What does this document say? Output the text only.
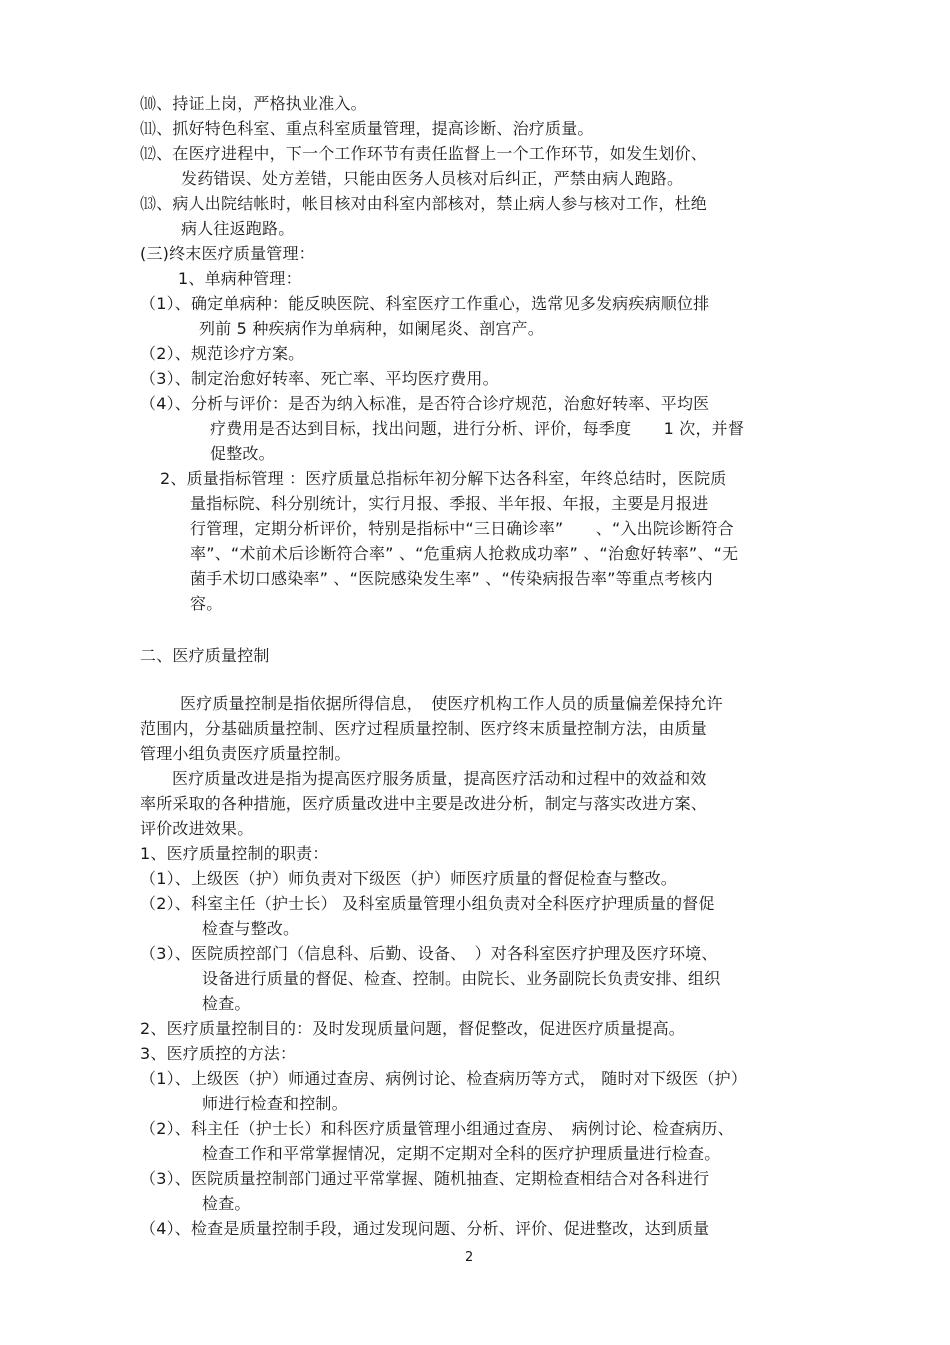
⑽、持证上岗，严格执业准入。
⑾、抓好特色科室、重点科室质量管理，提高诊断、治疗质量。
⑿、在医疗进程中，下一个工作环节有责任监督上一个工作环节，如发生划价、
发药错误、处方差错，只能由医务人员核对后纠正，严禁由病人跑路。
⒀、病人出院结帐时，帐目核对由科室内部核对，禁止病人参与核对工作，杜绝
病人往返跑路。
(三)终末医疗质量管理：
1、单病种管理：
（1）、确定单病种：能反映医院、科室医疗工作重心，选常见多发病疾病顺位排
列前 5 种疾病作为单病种，如阑尾炎、剖宫产。
（2）、规范诊疗方案。
（3）、制定治愈好转率、死亡率、平均医疗费用。
（4）、分析与评价：是否为纳入标准，是否符合诊疗规范，治愈好转率、平均医
疗费用是否达到目标，找出问题，进行分析、评价，每季度　　1 次，并督
促整改。
2、质量指标管理 ：医疗质量总指标年初分解下达各科室，年终总结时，医院质
量指标院、科分别统计，实行月报、季报、半年报、年报，主要是月报进
行管理，定期分析评价，特别是指标中“三日确诊率”　　、“入出院诊断符合
率”、“术前术后诊断符合率” 、“危重病人抢救成功率” 、“治愈好转率”、“无
菌手术切口感染率” 、“医院感染发生率” 、“传染病报告率”等重点考核内
容。
二、医疗质量控制
医疗质量控制是指依据所得信息，　使医疗机构工作人员的质量偏差保持允许
范围内，分基础质量控制、医疗过程质量控制、医疗终末质量控制方法，由质量
管理小组负责医疗质量控制。
医疗质量改进是指为提高医疗服务质量，提高医疗活动和过程中的效益和效
率所采取的各种措施，医疗质量改进中主要是改进分析，制定与落实改进方案、
评价改进效果。
1、医疗质量控制的职责：
（1）、上级医（护）师负责对下级医（护）师医疗质量的督促检查与整改。
（2）、科室主任（护士长） 及科室质量管理小组负责对全科医疗护理质量的督促
检查与整改。
（3）、医院质控部门（信息科、后勤、设备、　）对各科室医疗护理及医疗环境、
设备进行质量的督促、检查、控制。由院长、业务副院长负责安排、组织
检查。
2、医疗质量控制目的：及时发现质量问题，督促整改，促进医疗质量提高。
3、医疗质控的方法：
（1）、上级医（护）师通过查房、病例讨论、检查病历等方式， 随时对下级医（护）
师进行检查和控制。
（2）、科主任（护士长）和科医疗质量管理小组通过查房、　病例讨论、检查病历、
检查工作和平常掌握情况，定期不定期对全科的医疗护理质量进行检查。
（3）、医院质量控制部门通过平常掌握、随机抽查、定期检查相结合对各科进行
检查。
（4）、检查是质量控制手段，通过发现问题、分析、评价、促进整改，达到质量
2
